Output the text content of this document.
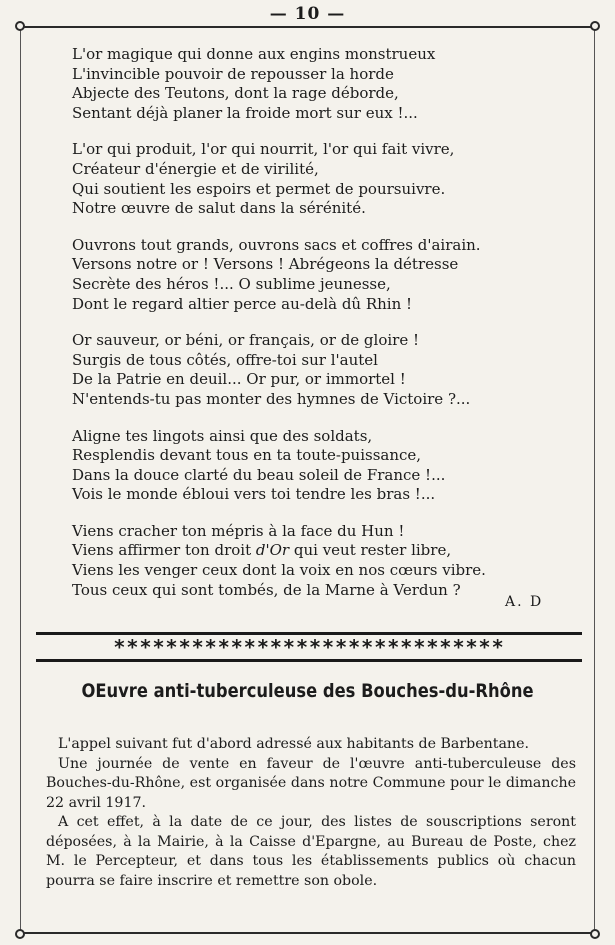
— 10 —
L'or magique qui donne aux engins monstrueux
L'invincible pouvoir de repousser la horde
Abjecte des Teutons, dont la rage déborde,
Sentant déjà planer la froide mort sur eux !...
L'or qui produit, l'or qui nourrit, l'or qui fait vivre,
Créateur d'énergie et de virilité,
Qui soutient les espoirs et permet de poursuivre.
Notre œuvre de salut dans la sérénité.
Ouvrons tout grands, ouvrons sacs et coffres d'airain.
Versons notre or ! Versons ! Abrégeons la détresse
Secrète des héros !... O sublime jeunesse,
Dont le regard altier perce au-delà dû Rhin !
Or sauveur, or béni, or français, or de gloire !
Surgis de tous côtés, offre-toi sur l'autel
De la Patrie en deuil... Or pur, or immortel !
N'entends-tu pas monter des hymnes de Victoire ?...
Aligne tes lingots ainsi que des soldats,
Resplendis devant tous en ta toute-puissance,
Dans la douce clarté du beau soleil de France !...
Vois le monde ébloui vers toi tendre les bras !...
Viens cracher ton mépris à la face du Hun !
Viens affirmer ton droit d'Or qui veut rester libre,
Viens les venger ceux dont la voix en nos cœurs vibre.
Tous ceux qui sont tombés, de la Marne à Verdun ?
A. D
******************************
OEuvre anti-tuberculeuse des Bouches-du-Rhône

L'appel suivant fut d'abord adressé aux habitants de Barbentane.

Une journée de vente en faveur de l'œuvre anti-tuberculeuse des Bouches-du-Rhône, est organisée dans notre Commune pour le dimanche 22 avril 1917.

A cet effet, à la date de ce jour, des listes de souscriptions seront déposées, à la Mairie, à la Caisse d'Epargne, au Bureau de Poste, chez M. le Percepteur, et dans tous les établissements publics où chacun pourra se faire inscrire et remettre son obole.
